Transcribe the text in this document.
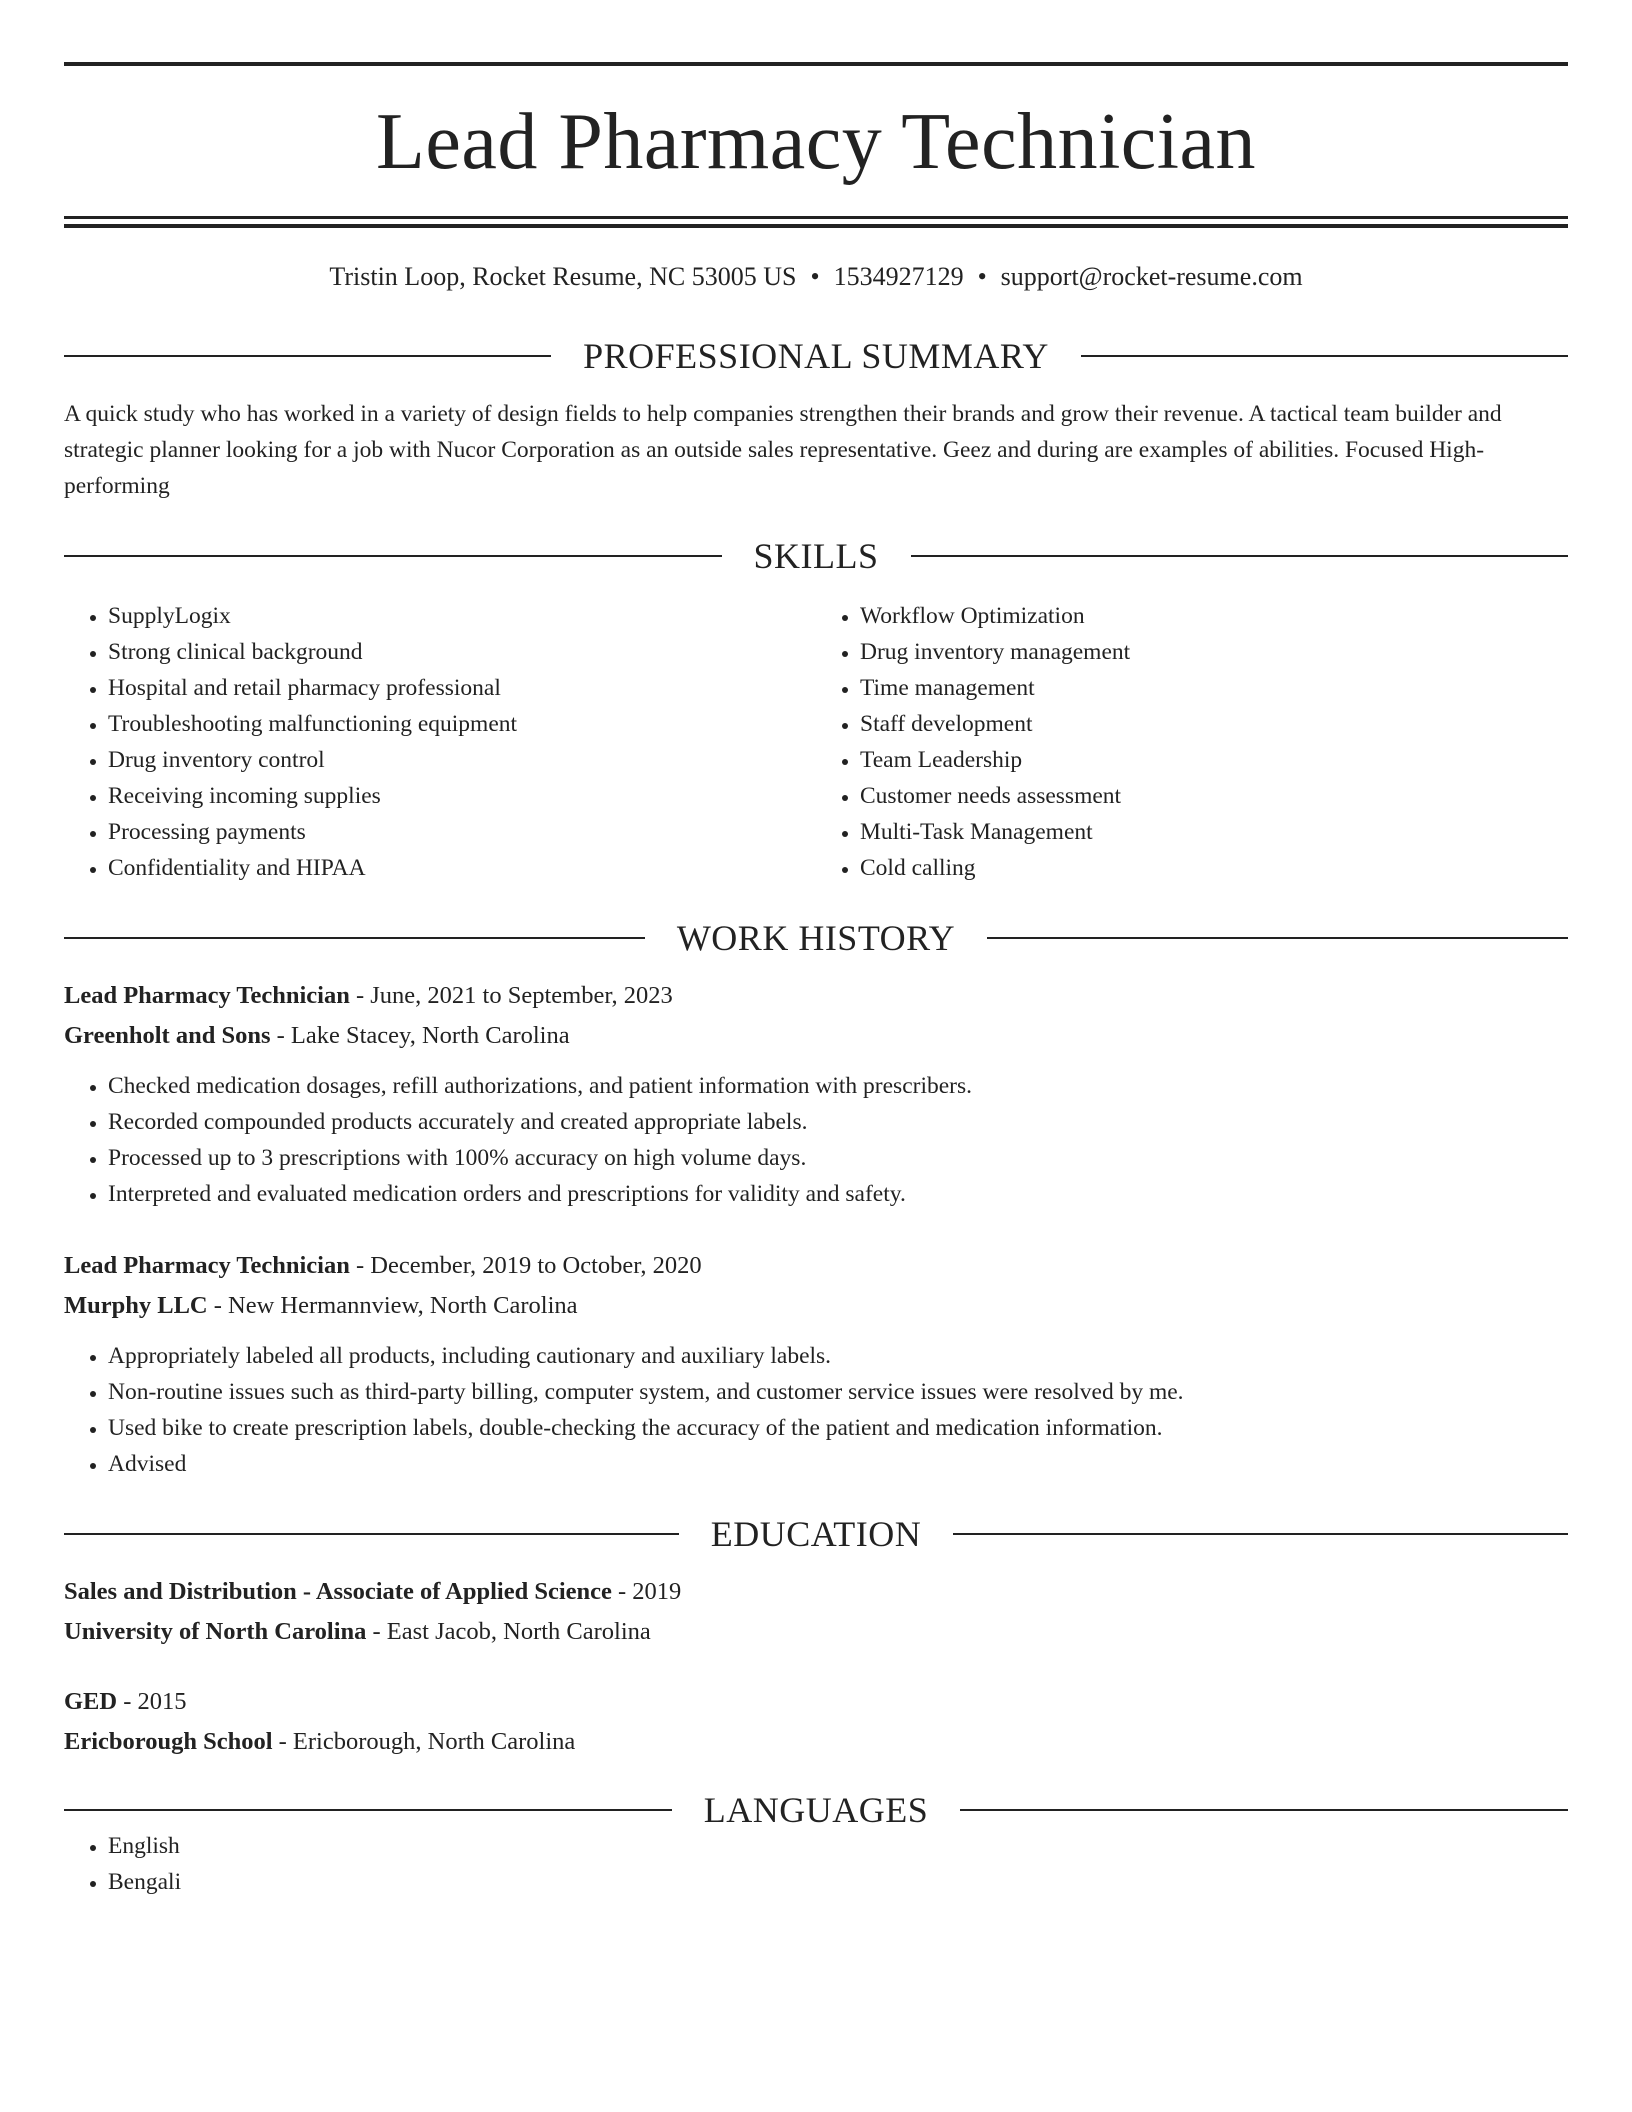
Lead Pharmacy Technician
Tristin Loop, Rocket Resume, NC 53005 US • 1534927129 • support@rocket-resume.com
PROFESSIONAL SUMMARY

A quick study who has worked in a variety of design fields to help companies strengthen their brands and grow their revenue. A tactical team builder and strategic planner looking for a job with Nucor Corporation as an outside sales representative. Geez and during are examples of abilities. Focused High-performing

SKILLS
• SupplyLogix
• Strong clinical background
• Hospital and retail pharmacy professional
• Troubleshooting malfunctioning equipment
• Drug inventory control
• Receiving incoming supplies
• Processing payments
• Confidentiality and HIPAA
• Workflow Optimization
• Drug inventory management
• Time management
• Staff development
• Team Leadership
• Customer needs assessment
• Multi-Task Management
• Cold calling
WORK HISTORY
Lead Pharmacy Technician - June, 2021 to September, 2023
Greenholt and Sons - Lake Stacey, North Carolina
• Checked medication dosages, refill authorizations, and patient information with prescribers.
• Recorded compounded products accurately and created appropriate labels.
• Processed up to 3 prescriptions with 100% accuracy on high volume days.
• Interpreted and evaluated medication orders and prescriptions for validity and safety.
Lead Pharmacy Technician - December, 2019 to October, 2020
Murphy LLC - New Hermannview, North Carolina
• Appropriately labeled all products, including cautionary and auxiliary labels.
• Non-routine issues such as third-party billing, computer system, and customer service issues were resolved by me.
• Used bike to create prescription labels, double-checking the accuracy of the patient and medication information.
• Advised
EDUCATION
Sales and Distribution - Associate of Applied Science - 2019
University of North Carolina - East Jacob, North Carolina
GED - 2015
Ericborough School - Ericborough, North Carolina
LANGUAGES
• English
• Bengali
